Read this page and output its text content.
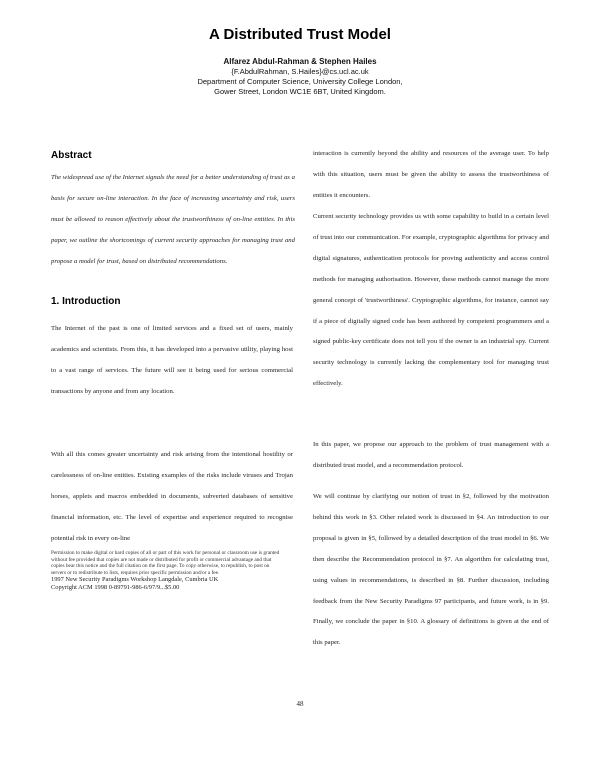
A Distributed Trust Model
Alfarez Abdul-Rahman & Stephen Hailes
{F.AbdulRahman, S.Hailes}@cs.ucl.ac.uk
Department of Computer Science, University College London,
Gower Street, London WC1E 6BT, United Kingdom.
Abstract
The widespread use of the Internet signals the need for a better understanding of trust as a basis for secure on-line interaction. In the face of increasing uncertainty and risk, users must be allowed to reason effectively about the trustworthiness of on-line entities. In this paper, we outline the shortcomings of current security approaches for managing trust and propose a model for trust, based on distributed recommendations.
1. Introduction
The Internet of the past is one of limited services and a fixed set of users, mainly academics and scientists. From this, it has developed into a pervasive utility, playing host to a vast range of services. The future will see it being used for serious commercial transactions by anyone and from any location.
With all this comes greater uncertainty and risk arising from the intentional hostility or carelessness of on-line entities. Existing examples of the risks include viruses and Trojan horses, applets and macros embedded in documents, subverted databases of sensitive financial information, etc. The level of expertise and experience required to recognise potential risk in every on-line
interaction is currently beyond the ability and resources of the average user. To help with this situation, users must be given the ability to assess the trustworthiness of entities it encounters.
Current security technology provides us with some capability to build in a certain level of trust into our communication. For example, cryptographic algorithms for privacy and digital signatures, authentication protocols for proving authenticity and access control methods for managing authorisation. However, these methods cannot manage the more general concept of 'trustworthiness'. Cryptographic algorithms, for instance, cannot say if a piece of digitally signed code has been authored by competent programmers and a signed public-key certificate does not tell you if the owner is an industrial spy. Current security technology is currently lacking the complementary tool for managing trust effectively.
In this paper, we propose our approach to the problem of trust management with a distributed trust model, and a recommendation protocol.
We will continue by clarifying our notion of trust in §2, followed by the motivation behind this work in §3. Other related work is discussed in §4. An introduction to our proposal is given in §5, followed by a detailed description of the trust model in §6. We then describe the Recommendation protocol in §7. An algorithm for calculating trust, using values in recommendations, is described in §8. Further discussion, including feedback from the New Security Paradigms 97 participants, and future work, is in §9. Finally, we conclude the paper in §10. A glossary of definitions is given at the end of this paper.
Permission to make digital or hard copies of all or part of this work for personal or classroom use is granted without fee provided that copies are not made or distributed for profit or commercial advantage and that copies bear this notice and the full citation on the first page. To copy otherwise, to republish, to post on servers or to redistribute to lists, requires prior specific permission and/or a fee.
1997 New Security Paradigms Workshop Langdale, Cumbria UK
Copyright ACM 1998 0-89791-986-6/97/9...$5.00
48
